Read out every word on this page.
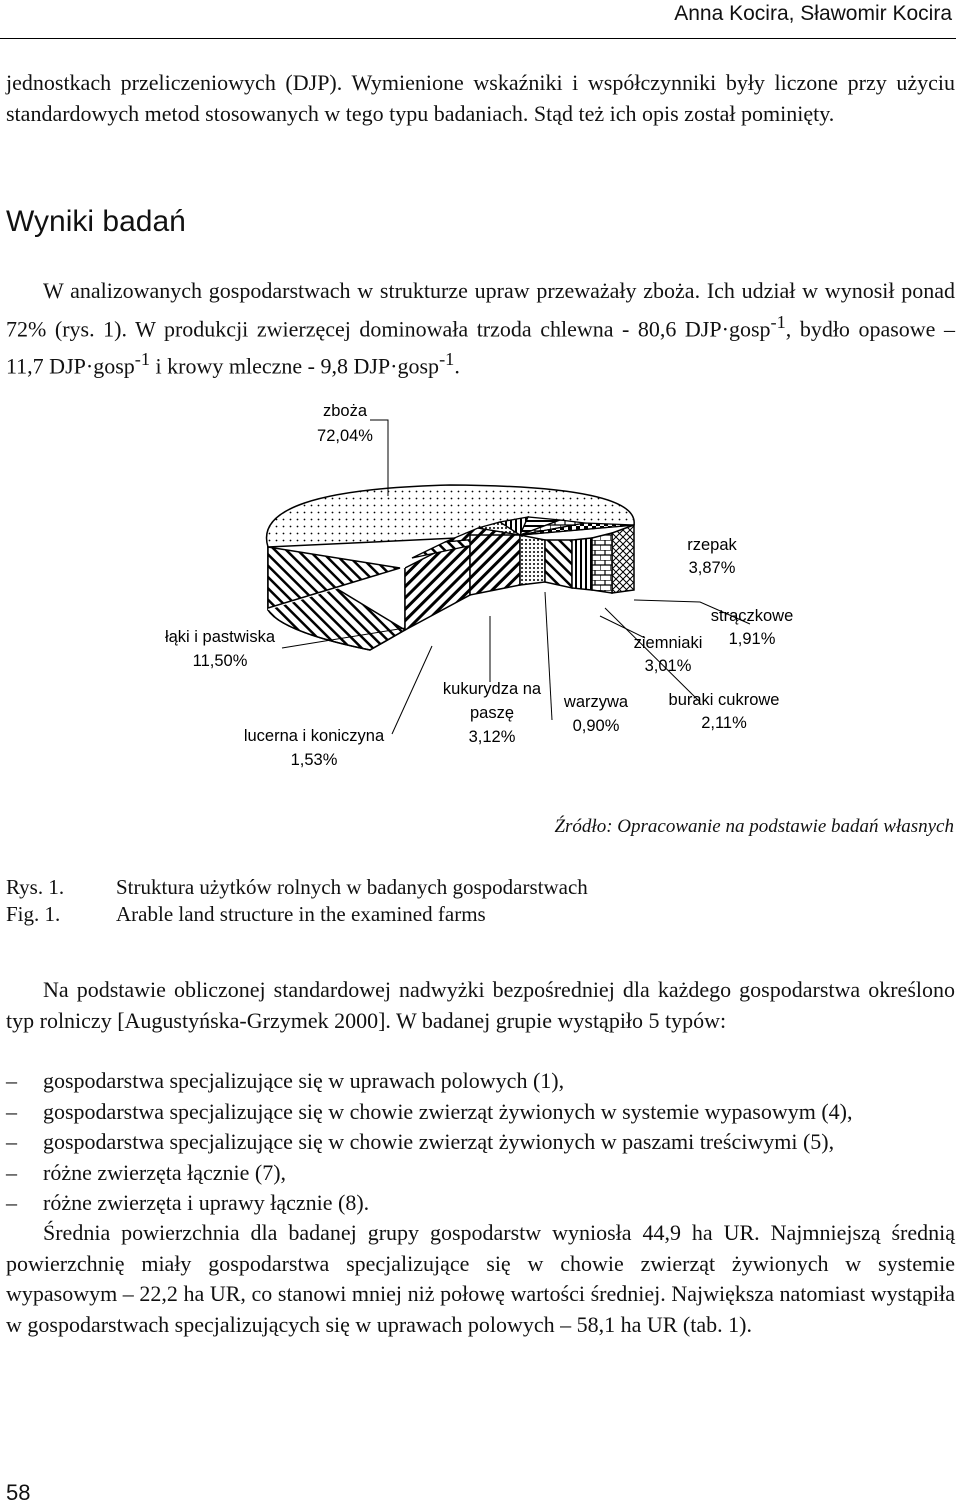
Anna Kocira, Sławomir Kocira

jednostkach przeliczeniowych (DJP). Wymienione wskaźniki i współczynniki były liczone przy użyciu standardowych metod stosowanych w tego typu badaniach. Stąd też ich opis został pominięty.

Wyniki badań

W analizowanych gospodarstwach w strukturze upraw przeważały zboża. Ich udział w wynosił ponad 72% (rys. 1). W produkcji zwierzęcej dominowała trzoda chlewna - 80,6 DJP·gosp$^{-1}$, bydło opasowe – 11,7 DJP·gosp$^{-1}$ i krowy mleczne - 9,8 DJP·gosp$^{-1}$.

zboża
72,04%
rzepak
3,87%
strączkowe
1,91%
ziemniaki
3,01%
łąki i pastwiska
11,50%
kukurydza na
paszę
3,12%
warzywa
0,90%
buraki cukrowe
2,11%
lucerna i koniczyna
1,53%
Źródło: Opracowanie na podstawie badań własnych
Rys. 1. Struktura użytków rolnych w badanych gospodarstwach
Fig. 1.	Arable land structure in the examined farms

Na podstawie obliczonej standardowej nadwyżki bezpośredniej dla każdego gospodarstwa określono typ rolniczy [Augustyńska-Grzymek 2000]. W badanej grupie wystąpiło 5 typów:

– gospodarstwa specjalizujące się w uprawach polowych (1),
– gospodarstwa specjalizujące się w chowie zwierząt żywionych w systemie wypasowym (4),
– gospodarstwa specjalizujące się w chowie zwierząt żywionych w paszami treściwymi (5),
– różne zwierzęta łącznie (7),
– różne zwierzęta i uprawy łącznie (8).

Średnia powierzchnia dla badanej grupy gospodarstw wyniosła 44,9 ha UR. Najmniejszą średnią powierzchnię miały gospodarstwa specjalizujące się w chowie zwierząt żywionych w systemie wypasowym – 22,2 ha UR, co stanowi mniej niż połowę wartości średniej. Największa natomiast wystąpiła w gospodarstwach specjalizujących się w uprawach polowych – 58,1 ha UR (tab. 1).

58
